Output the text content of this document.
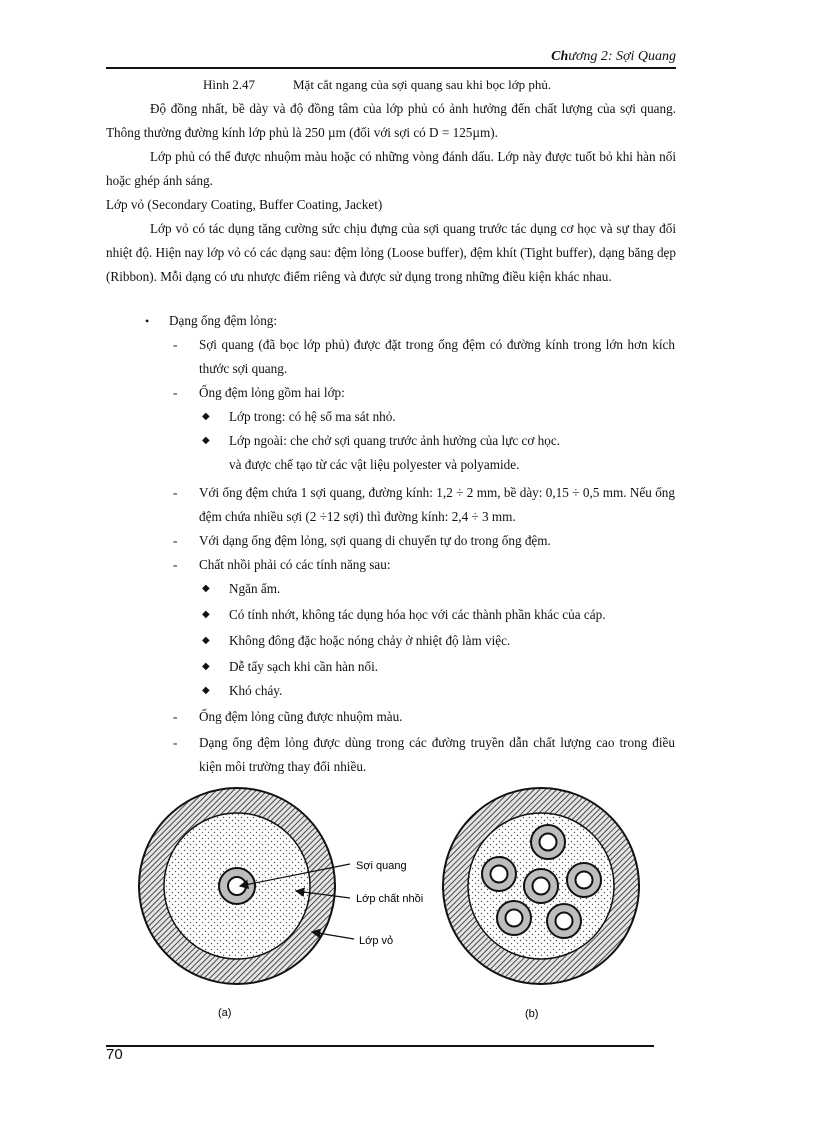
Chương 2: Sợi Quang
Hình 2.47	Mặt cắt ngang của sợi quang sau khi bọc lớp phủ.
Độ đồng nhất, bề dày và độ đồng tâm của lớp phủ có ảnh hưởng đến chất lượng của sợi quang. Thông thường đường kính lớp phủ là 250 µm (đối với sợi có D = 125µm).
Lớp phủ có thể được nhuộm màu hoặc có những vòng đánh dấu. Lớp này được tuốt bỏ khi hàn nối hoặc ghép ánh sáng.
Lớp vỏ (Secondary Coating, Buffer Coating, Jacket)
Lớp vỏ có tác dụng tăng cường sức chịu đựng của sợi quang trước tác dụng cơ học và sự thay đổi nhiệt độ. Hiện nay lớp vỏ có các dạng sau: đệm lỏng (Loose buffer), đệm khít (Tight buffer), dạng băng dẹp (Ribbon). Mỗi dạng có ưu nhược điểm riêng và được sử dụng trong những điều kiện khác nhau.
•	Dạng ống đệm lỏng:
- Sợi quang (đã bọc lớp phủ) được đặt trong ống đệm có đường kính trong lớn hơn kích thước sợi quang.
- Ống đệm lỏng gồm hai lớp:
◆ Lớp trong: có hệ số ma sát nhỏ.
◆ Lớp ngoài: che chở sợi quang trước ảnh hưởng của lực cơ học.
và được chế tạo từ các vật liệu polyester và polyamide.
- Với ống đệm chứa 1 sợi quang, đường kính: 1,2 ÷ 2 mm, bề dày: 0,15 ÷ 0,5 mm. Nếu ống đệm chứa nhiều sợi (2 ÷12 sợi) thì đường kính: 2,4 ÷ 3 mm.
- Với dạng ống đệm lỏng, sợi quang di chuyển tự do trong ống đệm.
- Chất nhồi phải có các tính năng sau:
◆ Ngăn ẩm.
◆ Có tính nhớt, không tác dụng hóa học với các thành phần khác của cáp.
◆ Không đông đặc hoặc nóng chảy ở nhiệt độ làm việc.
◆ Dễ tẩy sạch khi cần hàn nối.
◆ Khó cháy.
- Ống đệm lỏng cũng được nhuộm màu.
- Dạng ống đệm lỏng được dùng trong các đường truyền dẫn chất lượng cao trong điều kiện môi trường thay đổi nhiều.
Sợi quang
Lớp chất nhồi
Lớp vỏ
(a)	(b)
70
